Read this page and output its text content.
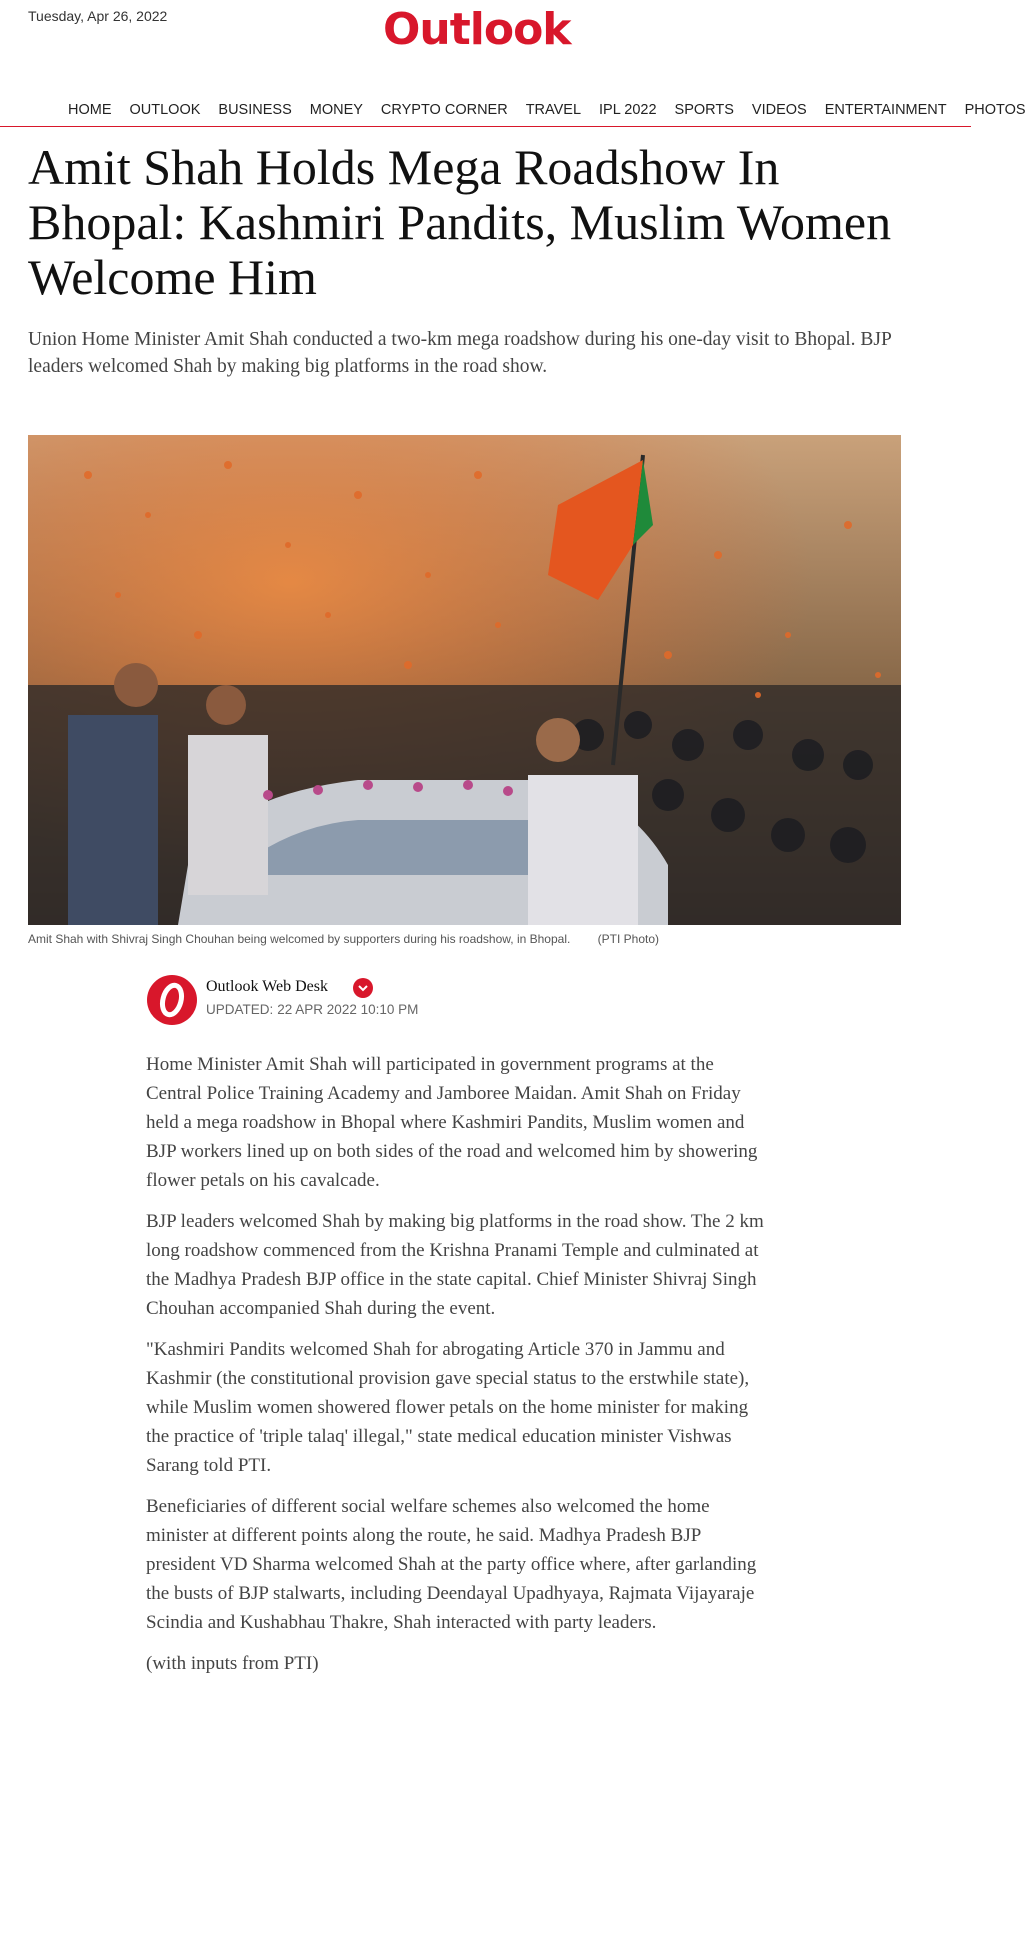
Tuesday, Apr 26, 2022	Outlook
HOME OUTLOOK BUSINESS MONEY CRYPTO CORNER TRAVEL IPL 2022 SPORTS VIDEOS ENTERTAINMENT PHOTOS
Amit Shah Holds Mega Roadshow In Bhopal: Kashmiri Pandits, Muslim Women Welcome Him

Union Home Minister Amit Shah conducted a two-km mega roadshow during his one-day visit to Bhopal. BJP leaders welcomed Shah by making big platforms in the road show.

Amit Shah with Shivraj Singh Chouhan being welcomed by supporters during his roadshow, in Bhopal. (PTI Photo)
Outlook Web Desk
UPDATED: 22 APR 2022 10:10 PM

Home Minister Amit Shah will participated in government programs at the Central Police Training Academy and Jamboree Maidan. Amit Shah on Friday held a mega roadshow in Bhopal where Kashmiri Pandits, Muslim women and BJP workers lined up on both sides of the road and welcomed him by showering flower petals on his cavalcade.

BJP leaders welcomed Shah by making big platforms in the road show. The 2 km long roadshow commenced from the Krishna Pranami Temple and culminated at the Madhya Pradesh BJP office in the state capital. Chief Minister Shivraj Singh Chouhan accompanied Shah during the event.

"Kashmiri Pandits welcomed Shah for abrogating Article 370 in Jammu and Kashmir (the constitutional provision gave special status to the erstwhile state), while Muslim women showered flower petals on the home minister for making the practice of 'triple talaq' illegal," state medical education minister Vishwas Sarang told PTI.

Beneficiaries of different social welfare schemes also welcomed the home minister at different points along the route, he said. Madhya Pradesh BJP president VD Sharma welcomed Shah at the party office where, after garlanding the busts of BJP stalwarts, including Deendayal Upadhyaya, Rajmata Vijayaraje Scindia and Kushabhau Thakre, Shah interacted with party leaders.

(with inputs from PTI)
